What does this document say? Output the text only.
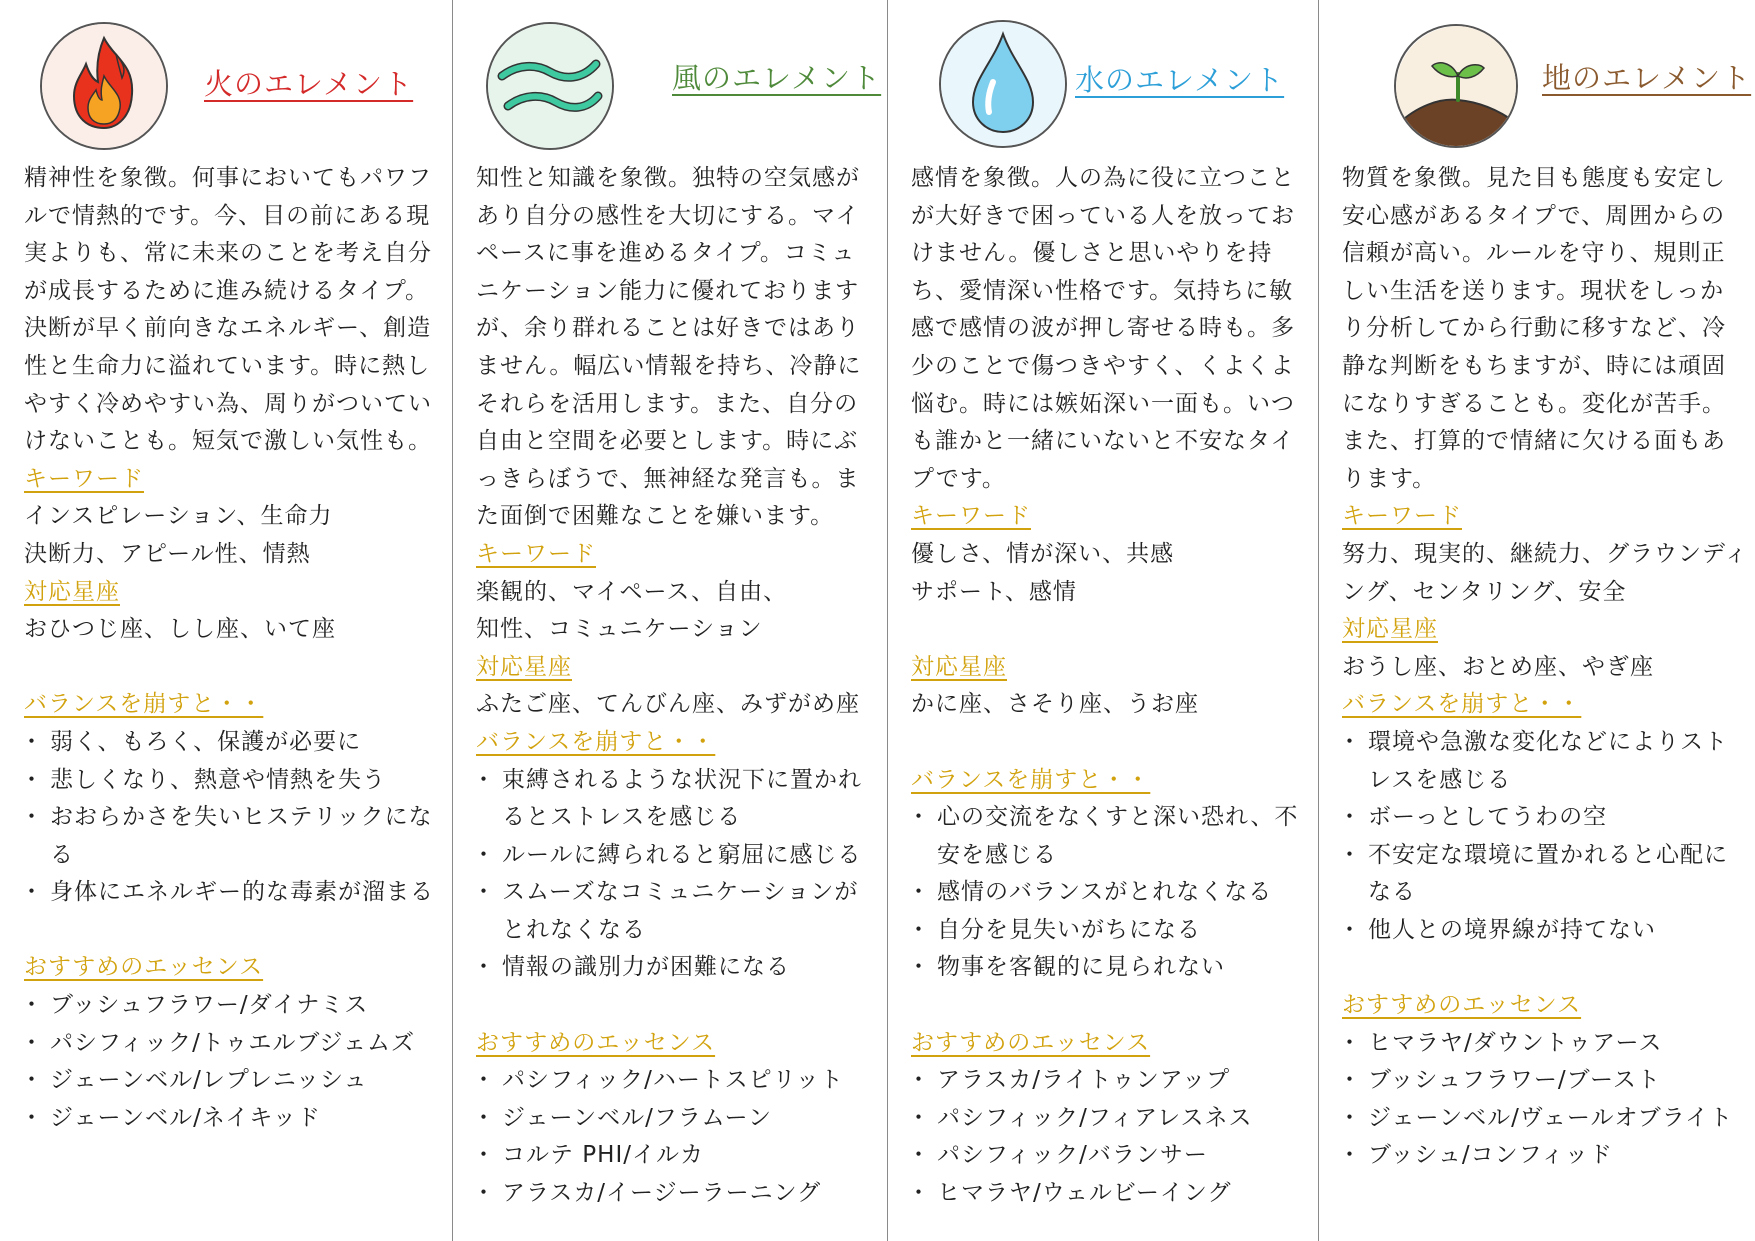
火のエレメント

精神性を象徴。何事においてもパワフルで情熱的です。今、目の前にある現実よりも、常に未来のことを考え自分が成長するために進み続けるタイプ。決断が早く前向きなエネルギー、創造性と生命力に溢れています。時に熱しやすく冷めやすい為、周りがついていけないことも。短気で激しい気性も。

キーワード
インスピレーション、生命力
決断力、アピール性、情熱
対応星座
おひつじ座、しし座、いて座
バランスを崩すと・・
・ 弱く、もろく、保護が必要に
・ 悲しくなり、熱意や情熱を失う
・ おおらかさを失いヒステリックになる
・ 身体にエネルギー的な毒素が溜まる
おすすめのエッセンス
・ ブッシュフラワー/ダイナミス
・ パシフィック/トゥエルブジェムズ
・ ジェーンベル/レプレニッシュ
・ ジェーンベル/ネイキッド
風のエレメント

知性と知識を象徴。独特の空気感があり自分の感性を大切にする。マイペースに事を進めるタイプ。コミュニケーション能力に優れておりますが、余り群れることは好きではありません。幅広い情報を持ち、冷静にそれらを活用します。また、自分の自由と空間を必要とします。時にぶっきらぼうで、無神経な発言も。また面倒で困難なことを嫌います。

キーワード
楽観的、マイペース、自由、
知性、コミュニケーション
対応星座
ふたご座、てんびん座、みずがめ座
バランスを崩すと・・
・ 束縛されるような状況下に置かれるとストレスを感じる
・ ルールに縛られると窮屈に感じる
・ スムーズなコミュニケーションがとれなくなる
・ 情報の識別力が困難になる
おすすめのエッセンス
・ パシフィック/ハートスピリット
・ ジェーンベル/フラムーン
・ コルテ PHI/イルカ
・ アラスカ/イージーラーニング
水のエレメント

感情を象徴。人の為に役に立つことが大好きで困っている人を放っておけません。優しさと思いやりを持ち、愛情深い性格です。気持ちに敏感で感情の波が押し寄せる時も。多少のことで傷つきやすく、くよくよ悩む。時には嫉妬深い一面も。いつも誰かと一緒にいないと不安なタイプです。

キーワード
優しさ、情が深い、共感
サポート、感情
対応星座
かに座、さそり座、うお座
バランスを崩すと・・
・ 心の交流をなくすと深い恐れ、不安を感じる
・ 感情のバランスがとれなくなる
・ 自分を見失いがちになる
・ 物事を客観的に見られない
おすすめのエッセンス
・ アラスカ/ライトゥンアップ
・ パシフィック/フィアレスネス
・ パシフィック/バランサー
・ ヒマラヤ/ウェルビーイング
地のエレメント

物質を象徴。見た目も態度も安定し安心感があるタイプで、周囲からの信頼が高い。ルールを守り、規則正しい生活を送ります。現状をしっかり分析してから行動に移すなど、冷静な判断をもちますが、時には頑固になりすぎることも。変化が苦手。また、打算的で情緒に欠ける面もあります。

キーワード
努力、現実的、継続力、グラウンディ
ング、センタリング、安全
対応星座
おうし座、おとめ座、やぎ座
バランスを崩すと・・
・ 環境や急激な変化などによりストレスを感じる
・ ボーっとしてうわの空
・ 不安定な環境に置かれると心配になる
・ 他人との境界線が持てない
おすすめのエッセンス
・ ヒマラヤ/ダウントゥアース
・ ブッシュフラワー/ブースト
・ ジェーンベル/ヴェールオブライト
・ ブッシュ/コンフィッド
